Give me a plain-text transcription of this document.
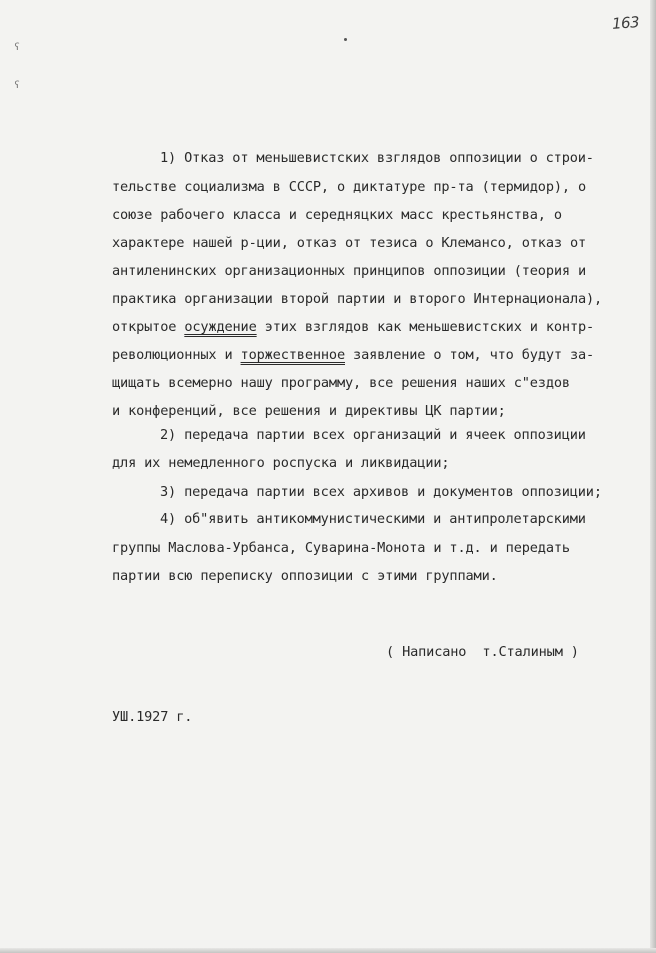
163
ʕ
ʕ
1) Отказ от меньшевистских взглядов оппозиции о строи-
тельстве социализма в СССР, о диктатуре пр-та (термидор), о
союзе рабочего класса и середняцких масс крестьянства, о
характере нашей р-ции, отказ от тезиса о Клемансо, отказ от
антиленинских организационных принципов оппозиции (теория и
практика организации второй партии и второго Интернационала),
открытое осуждение этих взглядов как меньшевистских и контр-
революционных и торжественное заявление о том, что будут за-
щищать всемерно нашу программу, все решения наших с"ездов
и конференций, все решения и директивы ЦК партии;
2) передача партии всех организаций и ячеек оппозиции
для их немедленного роспуска и ликвидации;
3) передача партии всех архивов и документов оппозиции;
4) об"явить антикоммунистическими и антипролетарскими
группы Маслова-Урбанса, Суварина-Монота и т.д. и передать
партии всю переписку оппозиции с этими группами.
( Написано  т.Сталиным )
УШ.1927 г.
